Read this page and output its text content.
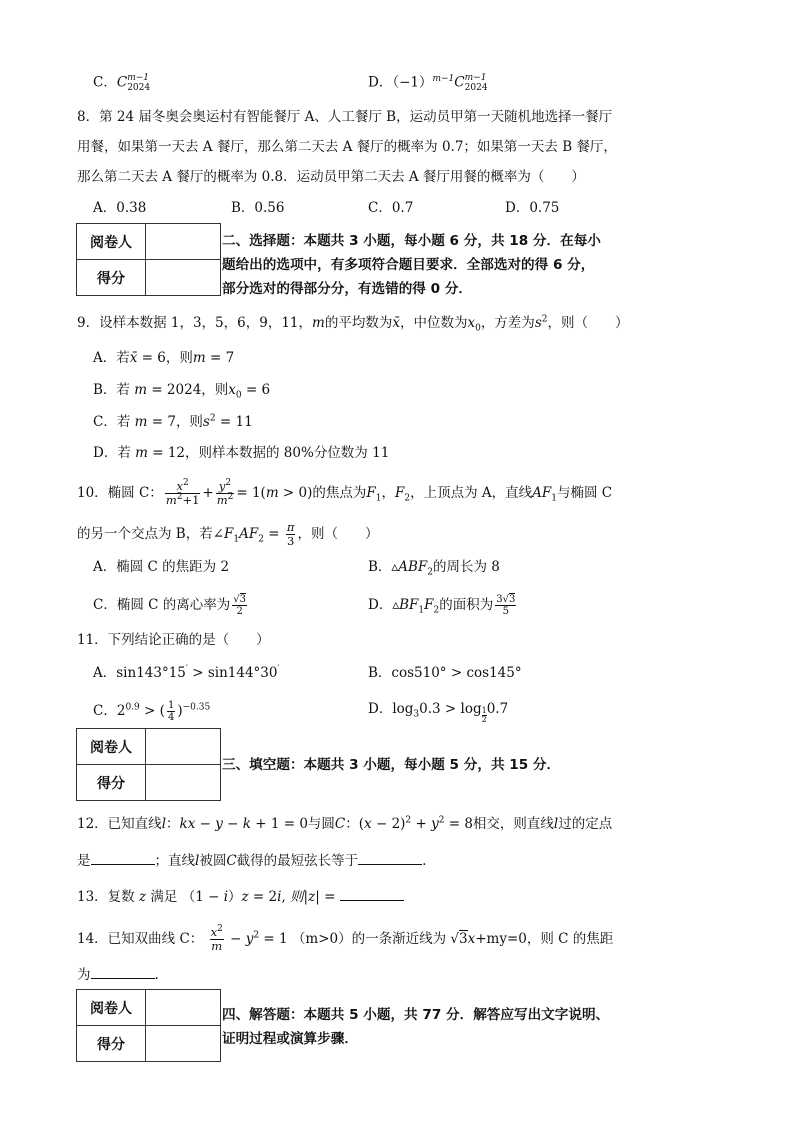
C．Cm−1
2024	D．$(-1)^{m-1}Cm-1$
2024
8．第 24 届冬奥会奥运村有智能餐厅 A、人工餐厅 B，运动员甲第一天随机地选择一餐厅
用餐，如果第一天去 A 餐厅，那么第二天去 A 餐厅的概率为 0.7；如果第一天去 B 餐厅，
那么第二天去 A 餐厅的概率为 0.8．运动员甲第二天去 A 餐厅用餐的概率为（　　）
A．0.38	B．0.56	C．0.7	D．0.75
阅卷人	
得分	
二、选择题：本题共 3 小题，每小题 6 分，共 18 分．在每小
题给出的选项中，有多项符合题目要求．全部选对的得 6 分，
部分选对的得部分分，有选错的得 0 分．
9．设样本数据 1，3，5，6，9，11，m的平均数为x̄，中位数为$x_0$，方差为$s^2$，则（　　）
A．若x̄ = 6，则m = 7
B．若 m = 2024，则$x_0 = 6$
C．若 m = 7，则$s^2 = 11$
D．若 m = 12，则样本数据的 80%分位数为 11
10．椭圆 C： $\frac{x^2}{m^2+1} + \frac{y^2}{m^2} = 1(m > 0)$的焦点为$F_1$，$F_2$，上顶点为 A，直线$AF_1$与椭圆 C
的另一个交点为 B，若$\angle F_1AF_2 = \frac{\pi}{3}$ ，则（　　）
A．椭圆 C 的焦距为 2	B．$▵ABF_2$的周长为 8
C．椭圆 C 的离心率为 $\frac{√3}{2}$	D．$▵BF_1F_2$的面积为 $\frac{3√3}{5}$
11．下列结论正确的是（　　）
A．sin143°15′ > sin144°30′	B．cos510° > cos145°
C．$2^{0.9}$ > ( $\frac{1}{4} )^{-0.35}$	D．$\log_30.3 > \log \frac{1}{2} 0.7$
阅卷人	
得分	
三、填空题：本题共 3 小题，每小题 5 分，共 15 分．
12．已知直线l：kx − y − k + 1 = 0与圆C：$(x - 2)^2 + y^2 = 8$相交，则直线l过的定点
是	；直线l被圆C截得的最短弦长等于	.
13．复数 z 满足 （1 − i）z = 2i, 则|z| =
14．已知双曲线 C： $\frac{x^2}{m} - y^2 = 1$ （m>0）的一条渐近线为 √3x+my=0，则 C 的焦距
为	.
阅卷人	
得分	
四、解答题：本题共 5 小题，共 77 分．解答应写出文字说明、
证明过程或演算步骤．
